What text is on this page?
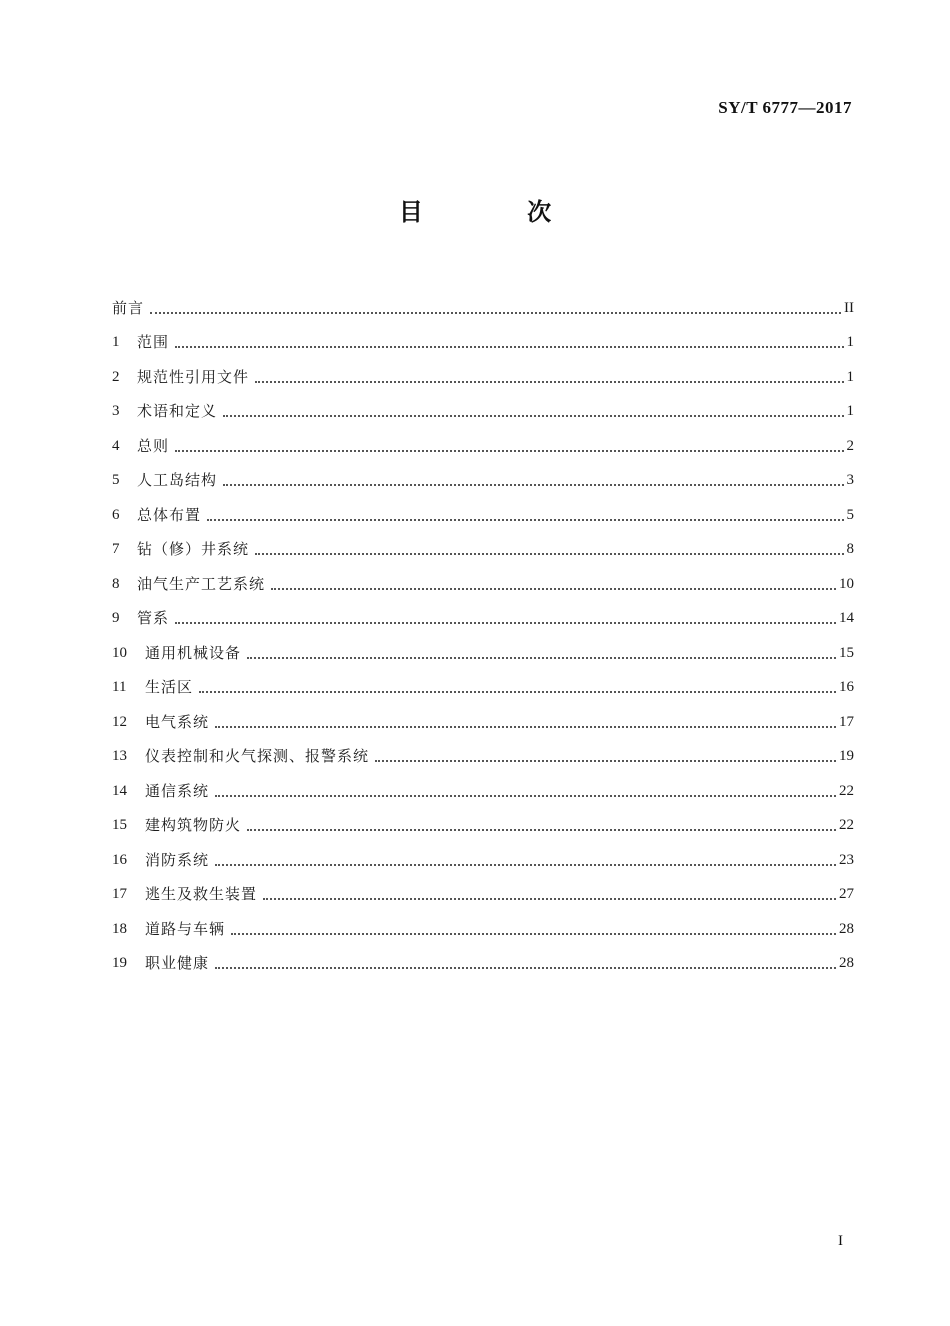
SY/T 6777—2017
目 次
前言	II
1	范围	1
2	规范性引用文件	1
3	术语和定义	1
4	总则	2
5	人工岛结构	3
6	总体布置	5
7	钻（修）井系统	8
8	油气生产工艺系统	10
9	管系	14
10	通用机械设备	15
11	生活区	16
12	电气系统	17
13	仪表控制和火气探测、报警系统	19
14	通信系统	22
15	建构筑物防火	22
16	消防系统	23
17	逃生及救生装置	27
18	道路与车辆	28
19	职业健康	28
I
